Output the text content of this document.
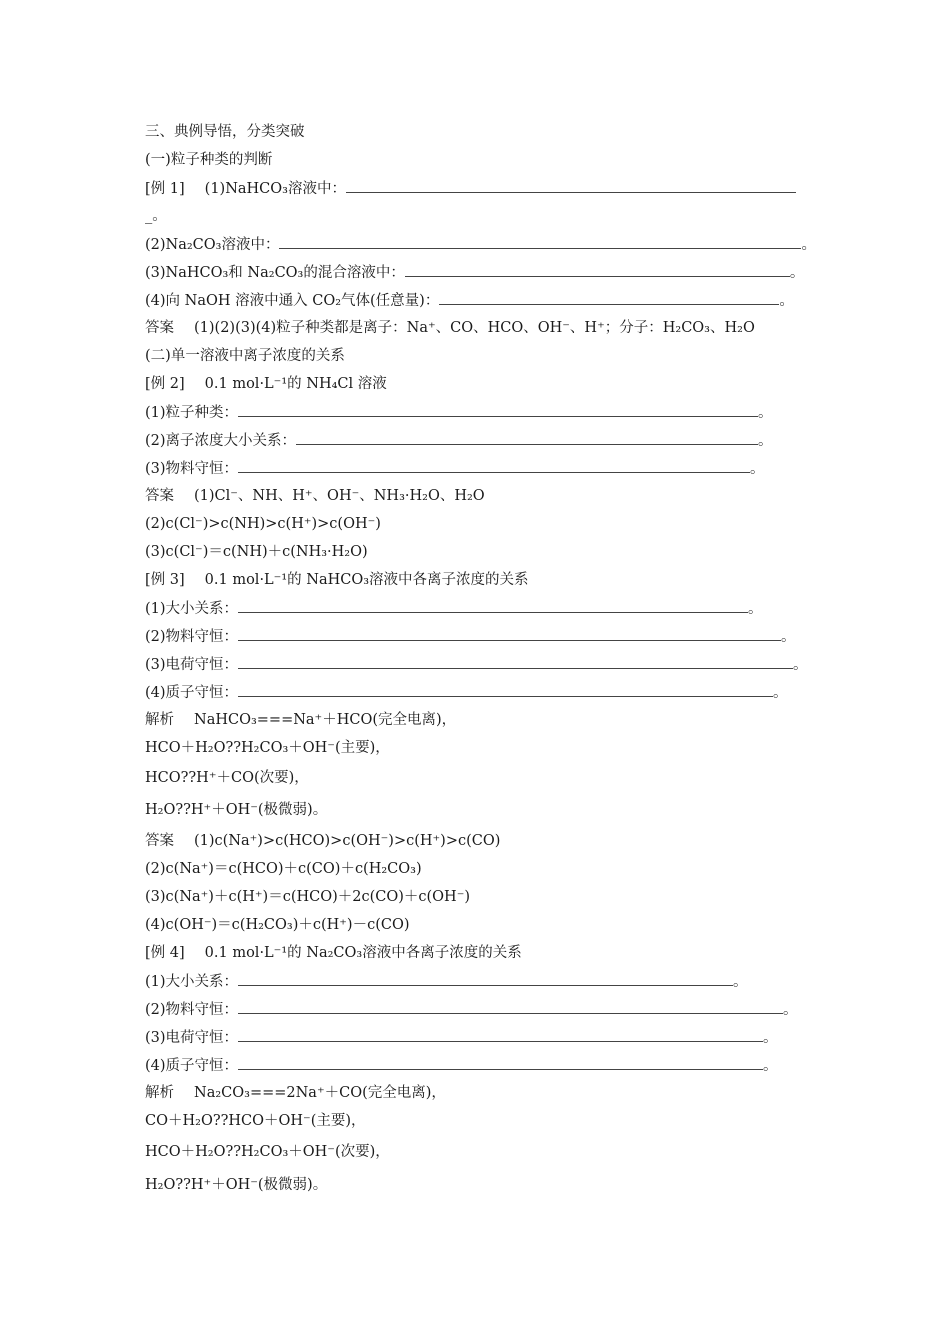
三、典例导悟，分类突破
(一)粒子种类的判断
[例 1] (1)NaHCO₃溶液中：
_。
(2)Na₂CO₃溶液中：	。
(3)NaHCO₃和 Na₂CO₃的混合溶液中：	。
(4)向 NaOH 溶液中通入 CO₂气体(任意量)：	。
答案 (1)(2)(3)(4)粒子种类都是离子：Na⁺、CO、HCO、OH⁻、H⁺；分子：H₂CO₃、H₂O
(二)单一溶液中离子浓度的关系
[例 2] 0.1 mol·L⁻¹的 NH₄Cl 溶液
(1)粒子种类：	。
(2)离子浓度大小关系：	。
(3)物料守恒：	。
答案 (1)Cl⁻、NH、H⁺、OH⁻、NH₃·H₂O、H₂O
(2)c(Cl⁻)>c(NH)>c(H⁺)>c(OH⁻)
(3)c(Cl⁻)＝c(NH)＋c(NH₃·H₂O)
[例 3] 0.1 mol·L⁻¹的 NaHCO₃溶液中各离子浓度的关系
(1)大小关系：	。
(2)物料守恒：	。
(3)电荷守恒：	。
(4)质子守恒：	。
解析 NaHCO₃===Na⁺＋HCO(完全电离)，
HCO＋H₂O??H₂CO₃＋OH⁻(主要)，
HCO??H⁺＋CO(次要)，
H₂O??H⁺＋OH⁻(极微弱)。
答案 (1)c(Na⁺)>c(HCO)>c(OH⁻)>c(H⁺)>c(CO)
(2)c(Na⁺)＝c(HCO)＋c(CO)＋c(H₂CO₃)
(3)c(Na⁺)＋c(H⁺)＝c(HCO)＋2c(CO)＋c(OH⁻)
(4)c(OH⁻)＝c(H₂CO₃)＋c(H⁺)－c(CO)
[例 4] 0.1 mol·L⁻¹的 Na₂CO₃溶液中各离子浓度的关系
(1)大小关系：	。
(2)物料守恒：	。
(3)电荷守恒：	。
(4)质子守恒：	。
解析 Na₂CO₃===2Na⁺＋CO(完全电离)，
CO＋H₂O??HCO＋OH⁻(主要)，
HCO＋H₂O??H₂CO₃＋OH⁻(次要)，
H₂O??H⁺＋OH⁻(极微弱)。
